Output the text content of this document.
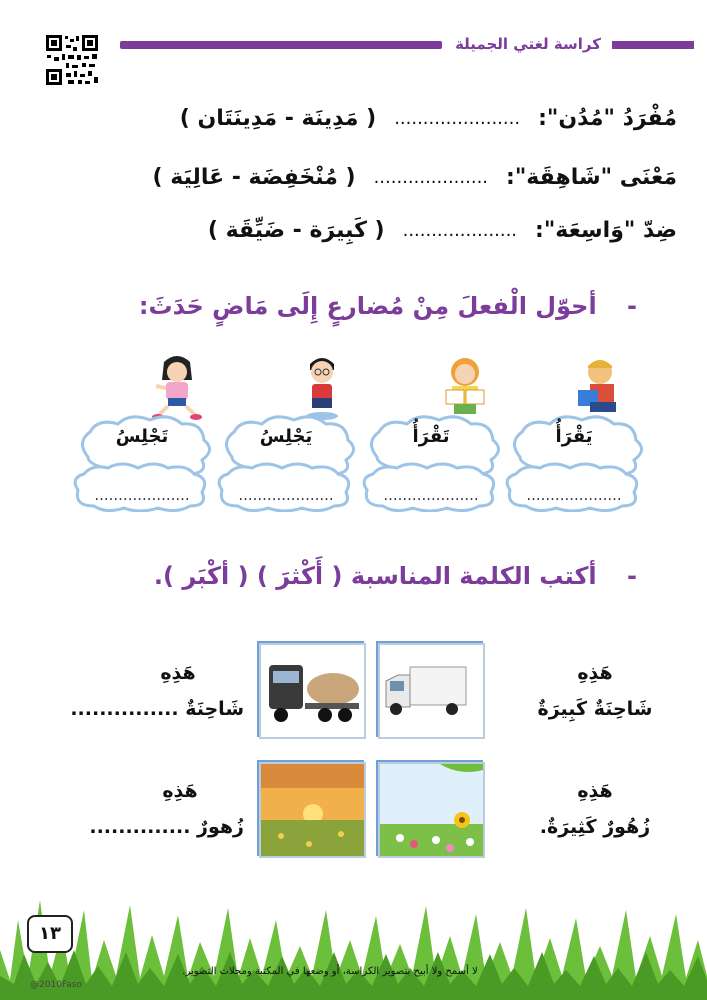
كراسة لغتي الجميلة
مُفْرَدُ "مُدُن":
......................
( مَدِينَة - مَدِينَتَان )
مَعْنَى "شَاهِقَة":
....................
( مُنْخَفِضَة - عَالِيَة )
ضِدّ "وَاسِعَة":
....................
( كَبِيرَة - ضَيِّقَة )
- أحوّل الْفعلَ مِنْ مُضارعٍ إِلَى مَاضٍ حَدَثَ:
يَقْرَأُ
....................
تَقْرَأُ
....................
يَجْلِسُ
....................
تَجْلِسُ
....................
- أكتب الكلمة المناسبة ( أَكْثرَ ) ( أكْبَر ).
هَذِهِ
شَاحِنَةٌ كَبِيرَةٌ
هَذِهِ
شَاحِنَةٌ ...............
هَذِهِ
زُهُورٌ كَثِيرَةٌ.
هَذِهِ
زُهورٌ ..............
١٣
لا أسمح ولا أبيح بتصوير الكراسة، أو وضعها في المكتبة ومحلات التصوير.
@2010Faso
